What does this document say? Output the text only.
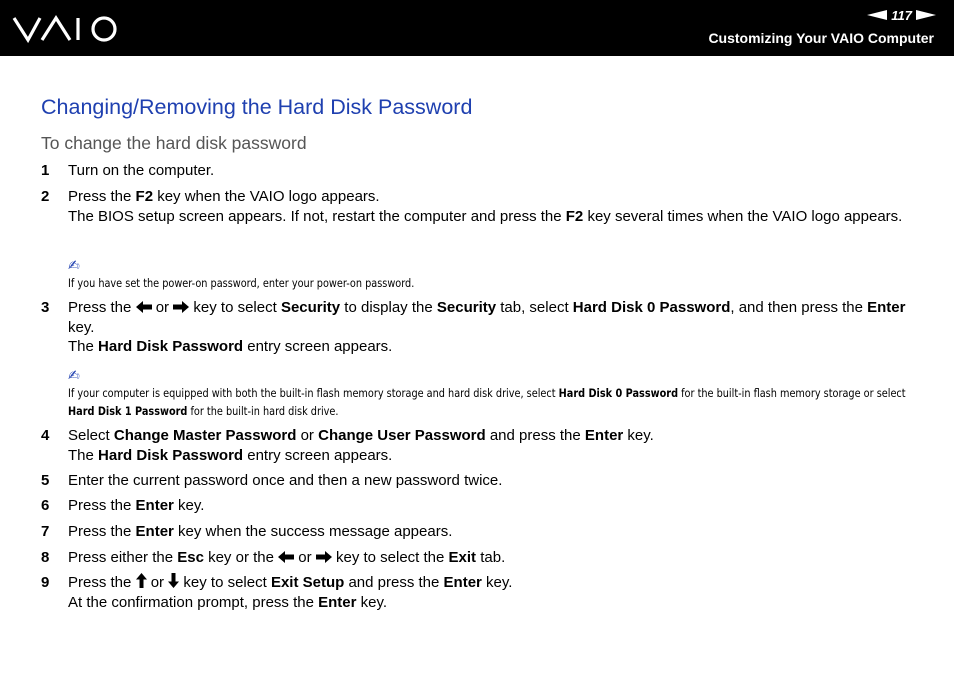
117
Customizing Your VAIO Computer
Changing/Removing the Hard Disk Password
To change the hard disk password
1 Turn on the computer.
2 Press the F2 key when the VAIO logo appears.
The BIOS setup screen appears. If not, restart the computer and press the F2 key several times when the VAIO logo appears.
✍
If you have set the power-on password, enter your power-on password.
3 Press the  or  key to select Security to display the Security tab, select Hard Disk 0 Password, and then press the Enter key.
The Hard Disk Password entry screen appears.
✍
If your computer is equipped with both the built-in flash memory storage and hard disk drive, select Hard Disk 0 Password for the built-in flash memory storage or select Hard Disk 1 Password for the built-in hard disk drive.
4 Select Change Master Password or Change User Password and press the Enter key.
The Hard Disk Password entry screen appears.
5 Enter the current password once and then a new password twice.
6 Press the Enter key.
7 Press the Enter key when the success message appears.
8 Press either the Esc key or the  or  key to select the Exit tab.
9 Press the  or  key to select Exit Setup and press the Enter key.
At the confirmation prompt, press the Enter key.
